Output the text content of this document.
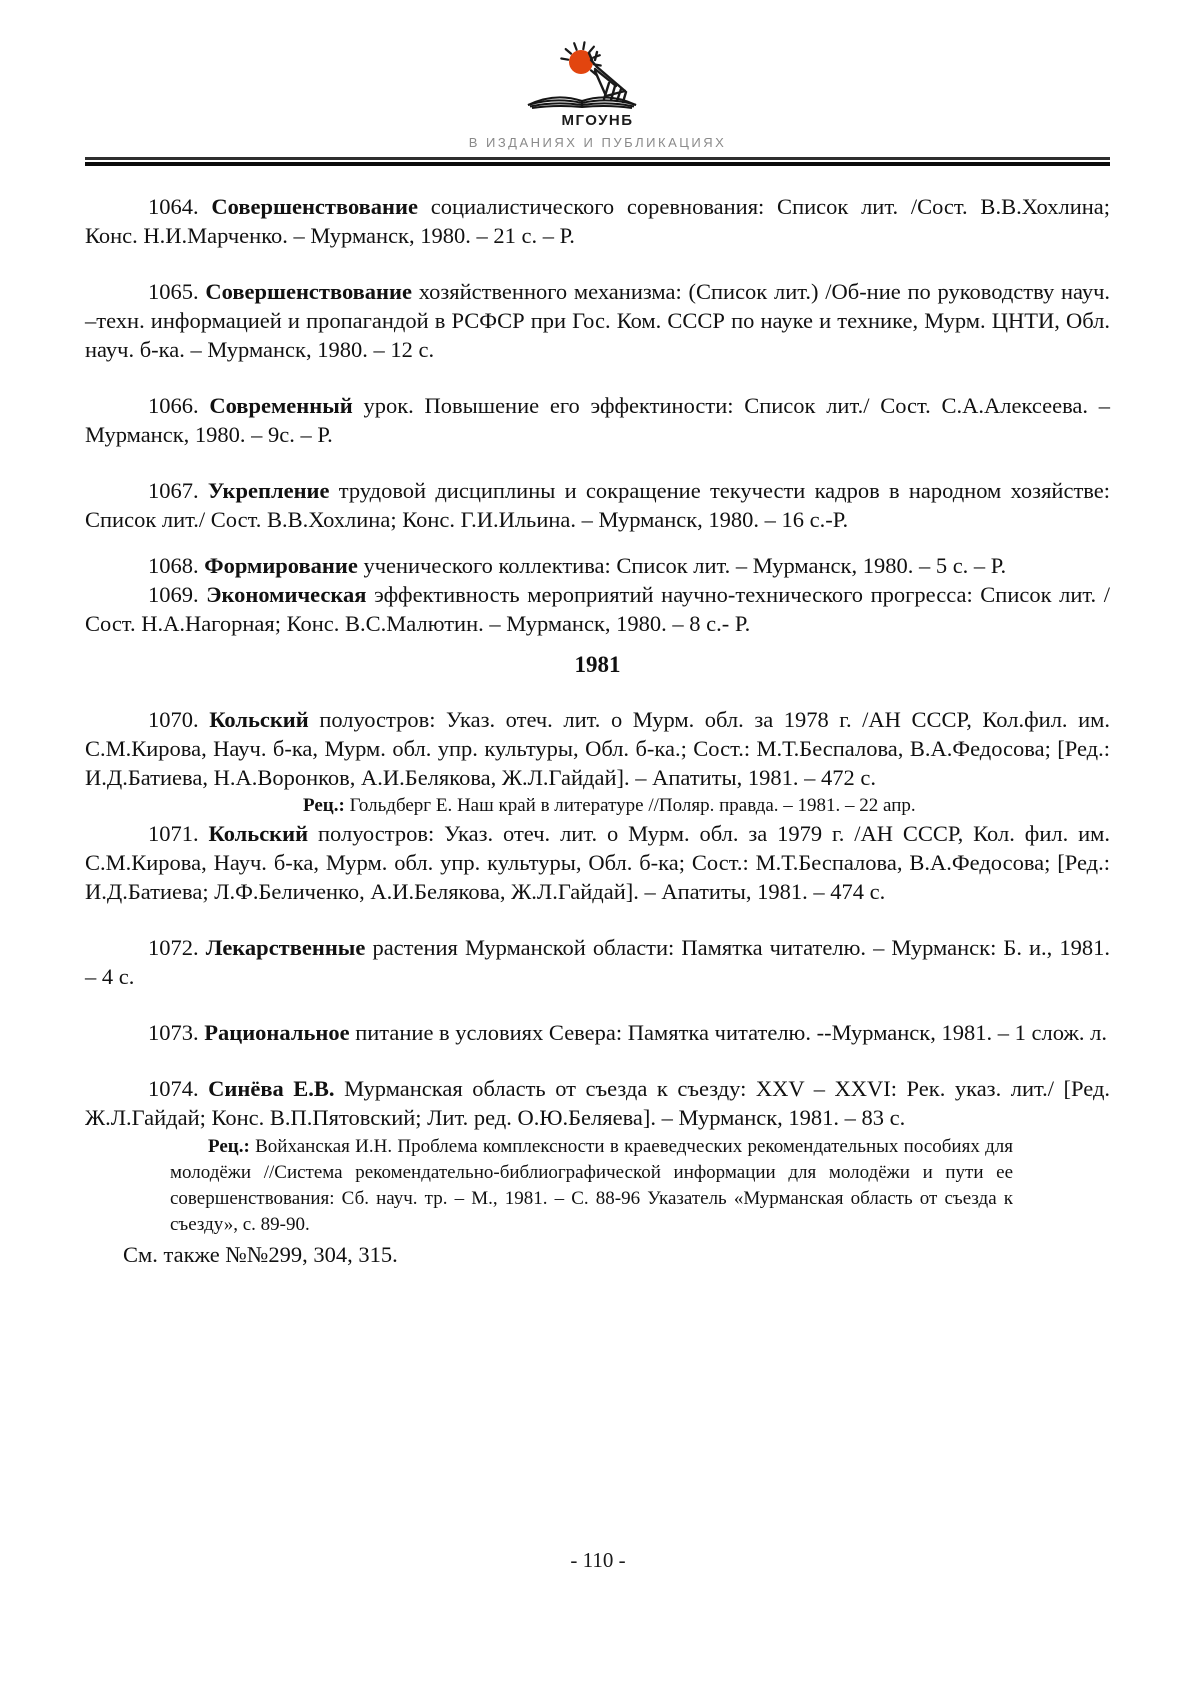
МГОУНБ
В ИЗДАНИЯХ И ПУБЛИКАЦИЯХ

1064. Совершенствование социалистического соревнования: Список лит. /Сост. В.В.Хохлина; Конс. Н.И.Марченко. – Мурманск, 1980. – 21 с. – Р.

1065. Совершенствование хозяйственного механизма: (Список лит.) /Об-ние по руководству науч. –техн. информацией и пропагандой в РСФСР при Гос. Ком. СССР по науке и технике, Мурм. ЦНТИ, Обл. науч. б-ка. – Мурманск, 1980. – 12 с.

1066. Современный урок. Повышение его эффектиности: Список лит./ Сост. С.А.Алексеева. – Мурманск, 1980. – 9с. – Р.

1067. Укрепление трудовой дисциплины и сокращение текучести кадров в народном хозяйстве: Список лит./ Сост. В.В.Хохлина; Конс. Г.И.Ильина. – Мурманск, 1980. – 16 с.-Р.

1068. Формирование ученического коллектива: Список лит. – Мурманск, 1980. – 5 с. – Р.

1069. Экономическая эффективность мероприятий научно-технического прогресса: Список лит. /Сост. Н.А.Нагорная; Конс. В.С.Малютин. – Мурманск, 1980. – 8 с.- Р.

1981

1070. Кольский полуостров: Указ. отеч. лит. о Мурм. обл. за 1978 г. /АН СССР, Кол.фил. им. С.М.Кирова, Науч. б-ка, Мурм. обл. упр. культуры, Обл. б-ка.; Сост.: М.Т.Беспалова, В.А.Федосова; [Ред.: И.Д.Батиева, Н.А.Воронков, А.И.Белякова, Ж.Л.Гайдай]. – Апатиты, 1981. – 472 с.

Рец.: Гольдберг Е. Наш край в литературе //Поляр. правда. – 1981. – 22 апр.

1071. Кольский полуостров: Указ. отеч. лит. о Мурм. обл. за 1979 г. /АН СССР, Кол. фил. им. С.М.Кирова, Науч. б-ка, Мурм. обл. упр. культуры, Обл. б-ка; Сост.: М.Т.Беспалова, В.А.Федосова; [Ред.: И.Д.Батиева; Л.Ф.Беличенко, А.И.Белякова, Ж.Л.Гайдай]. – Апатиты, 1981. – 474 с.

1072. Лекарственные растения Мурманской области: Памятка читателю. – Мурманск: Б. и., 1981. – 4 с.

1073. Рациональное питание в условиях Севера: Памятка читателю. --Мурманск, 1981. – 1 слож. л.

1074. Синёва Е.В. Мурманская область от съезда к съезду: XXV – XXVI: Рек. указ. лит./ [Ред. Ж.Л.Гайдай; Конс. В.П.Пятовский; Лит. ред. О.Ю.Беляева]. – Мурманск, 1981. – 83 с.

Рец.: Войханская И.Н. Проблема комплексности в краеведческих рекомендательных пособиях для молодёжи //Система рекомендательно-библиографической информации для молодёжи и пути ее совершенствования: Сб. науч. тр. – М., 1981. – С. 88-96 Указатель «Мурманская область от съезда к съезду», с. 89-90.

См. также №№299, 304, 315.

- 110 -
